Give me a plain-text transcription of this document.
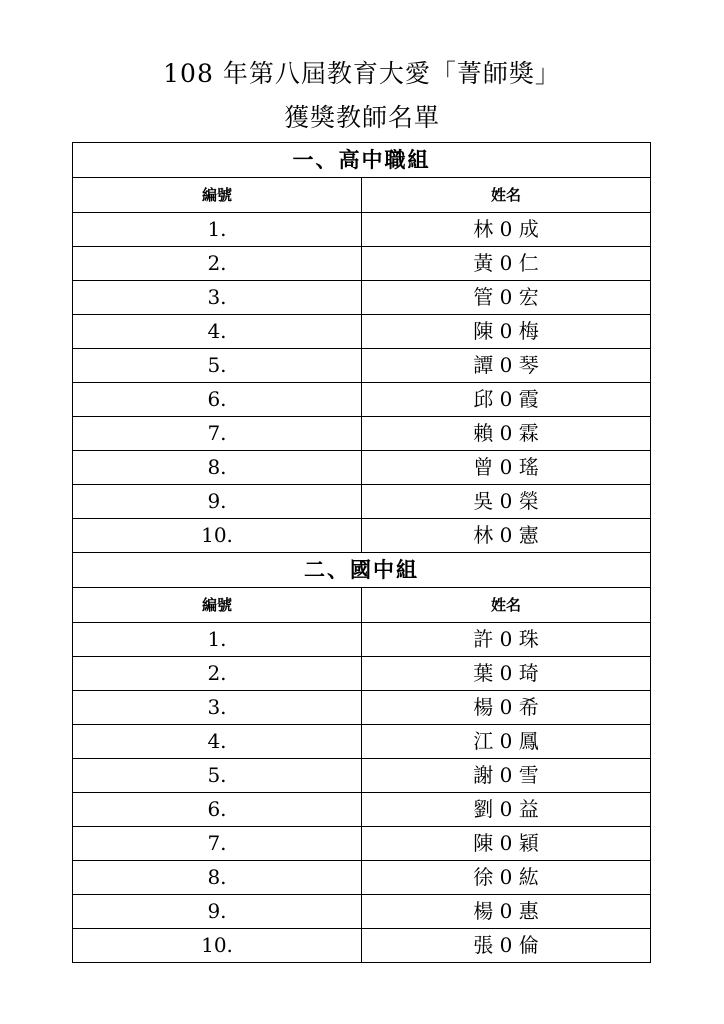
108 年第八屆教育大愛「菁師獎」
獲獎教師名單
一、高中職組	
編號	姓名
1.	林 0 成
2.	黃 0 仁
3.	管 0 宏
4.	陳 0 梅
5.	譚 0 琴
6.	邱 0 霞
7.	賴 0 霖
8.	曾 0 瑤
9.	吳 0 榮
10.	林 0 憲
二、國中組	
編號	姓名
1.	許 0 珠
2.	葉 0 琦
3.	楊 0 希
4.	江 0 鳳
5.	謝 0 雪
6.	劉 0 益
7.	陳 0 穎
8.	徐 0 紘
9.	楊 0 惠
10.	張 0 倫
